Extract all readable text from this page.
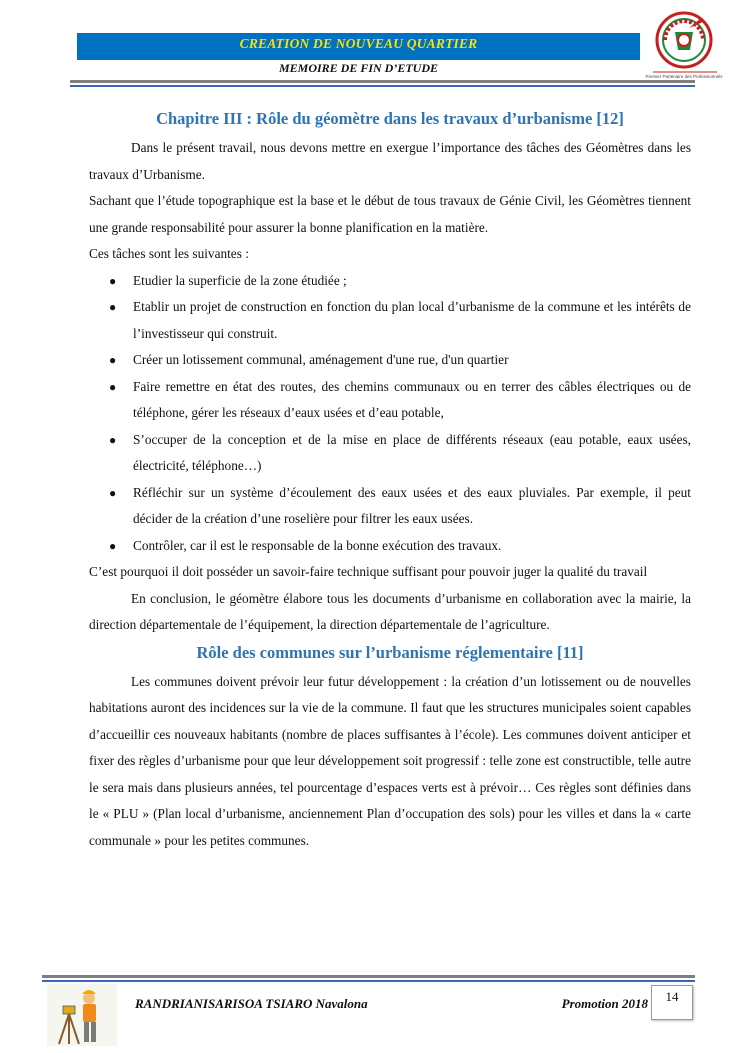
CREATION DE NOUVEAU QUARTIER
MEMOIRE DE FIN D’ETUDE
Premier Partenaire des Professionnels
Chapitre III : Rôle du géomètre dans les travaux d’urbanisme [12]

Dans le présent travail, nous devons mettre en exergue l’importance des tâches des Géomètres dans les travaux d’Urbanisme.

Sachant que l’étude topographique est la base et le début de tous travaux de Génie Civil, les Géomètres tiennent une grande responsabilité pour assurer la bonne planification en la matière.

Ces tâches sont les suivantes :

● Etudier la superficie de la zone étudiée ;
● Etablir un projet de construction en fonction du plan local d’urbanisme de la commune et les intérêts de l’investisseur qui construit.
● Créer un lotissement communal, aménagement d'une rue, d'un quartier
● Faire remettre en état des routes, des chemins communaux ou en terrer des câbles électriques ou de téléphone, gérer les réseaux d’eaux usées et d’eau potable,
● S’occuper de la conception et de la mise en place de différents réseaux (eau potable, eaux usées, électricité, téléphone…)
● Réfléchir sur un système d’écoulement des eaux usées et des eaux pluviales. Par exemple, il peut décider de la création d’une roselière pour filtrer les eaux usées.
● Contrôler, car il est le responsable de la bonne exécution des travaux.

C’est pourquoi il doit posséder un savoir-faire technique suffisant pour pouvoir juger la qualité du travail

En conclusion, le géomètre élabore tous les documents d’urbanisme en collaboration avec la mairie, la direction départementale de l’équipement, la direction départementale de l’agriculture.

Rôle des communes sur l’urbanisme réglementaire [11]

Les communes doivent prévoir leur futur développement : la création d’un lotissement ou de nouvelles habitations auront des incidences sur la vie de la commune. Il faut que les structures municipales soient capables d’accueillir ces nouveaux habitants (nombre de places suffisantes à l’école). Les communes doivent anticiper et fixer des règles d’urbanisme pour que leur développement soit progressif : telle zone est constructible, telle autre le sera mais dans plusieurs années, tel pourcentage d’espaces verts est à prévoir… Ces règles sont définies dans le « PLU » (Plan local d’urbanisme, anciennement Plan d’occupation des sols) pour les villes et dans la « carte communale » pour les petites communes.

RANDRIANISARISOA TSIARO Navalona	Promotion 2018	14
